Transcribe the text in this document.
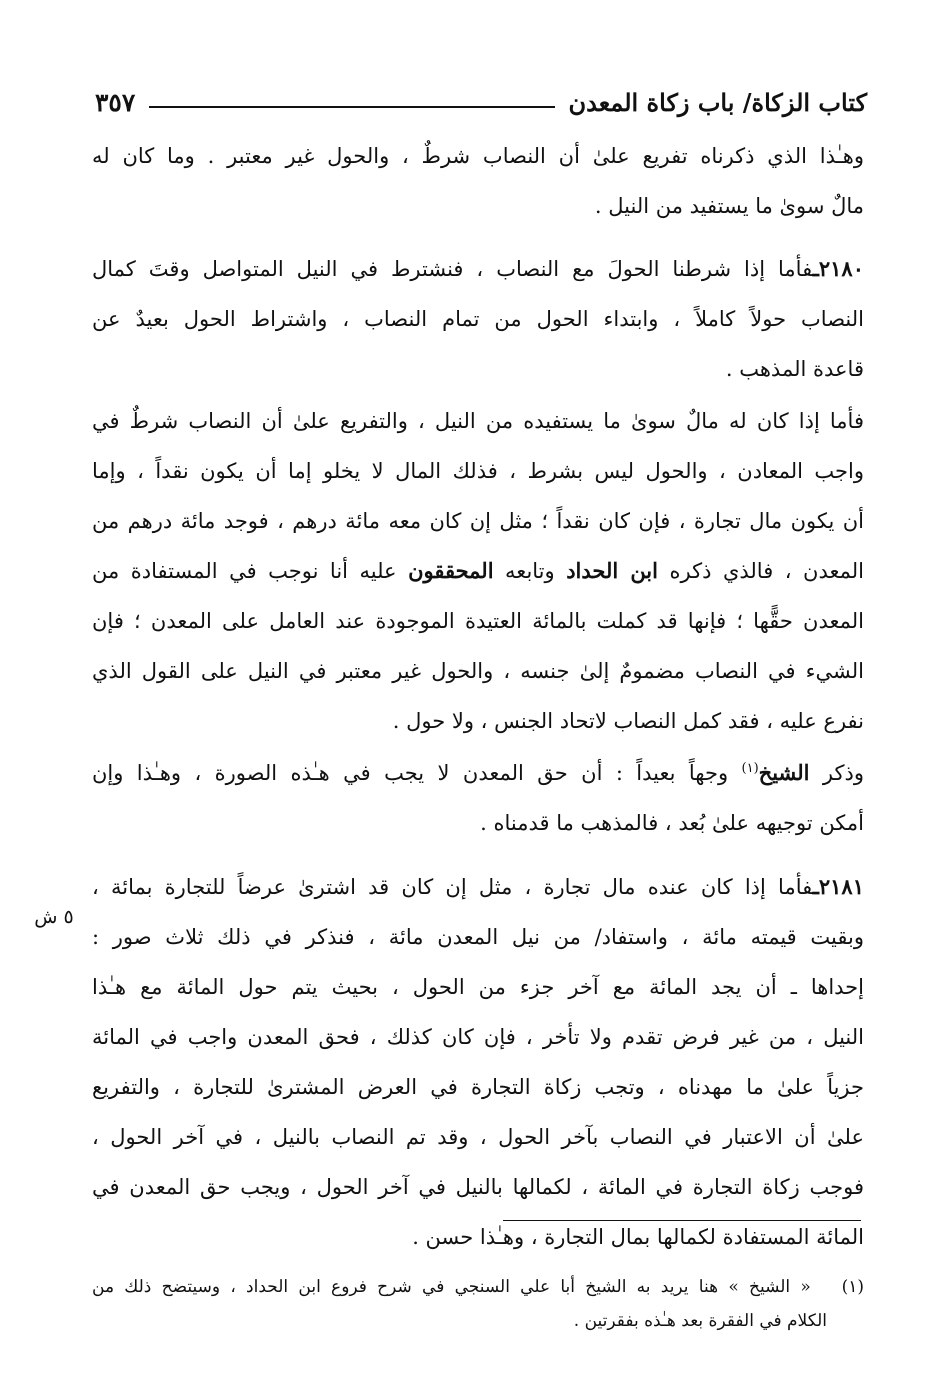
كتاب الزكاة/ باب زكاة المعدن
٣٥٧
وهـٰذا الذي ذكرناه تفريع علىٰ أن النصاب شرطٌ ، والحول غير معتبر . وما كان له
مالٌ سوىٰ ما يستفيد من النيل .
٢١٨٠ـفأما إذا شرطنا الحولَ مع النصاب ، فنشترط في النيل المتواصل وقتَ كمال
النصاب حولاً كاملاً ، وابتداء الحول من تمام النصاب ، واشتراط الحول بعيدٌ عن
قاعدة المذهب .
فأما إذا كان له مالٌ سوىٰ ما يستفيده من النيل ، والتفريع علىٰ أن النصاب شرطٌ في
واجب المعادن ، والحول ليس بشرط ، فذلك المال لا يخلو إما أن يكون نقداً ، وإما
أن يكون مال تجارة ، فإن كان نقداً ؛ مثل إن كان معه مائة درهم ، فوجد مائة درهم من
المعدن ، فالذي ذكره ابن الحداد وتابعه المحققون عليه أنا نوجب في المستفادة من
المعدن حقًّها ؛ فإنها قد كملت بالمائة العتيدة الموجودة عند العامل على المعدن ؛ فإن
الشيء في النصاب مضمومٌ إلىٰ جنسه ، والحول غير معتبر في النيل على القول الذي
نفرع عليه ، فقد كمل النصاب لاتحاد الجنس ، ولا حول .
وذكر الشيخ$^{(١)}$ وجهاً بعيداً : أن حق المعدن لا يجب في هـٰذه الصورة ، وهـٰذا وإن
أمكن توجيهه علىٰ بُعد ، فالمذهب ما قدمناه .
٢١٨١ـفأما إذا كان عنده مال تجارة ، مثل إن كان قد اشترىٰ عرضاً للتجارة بمائة ،
وبقيت قيمته مائة ، واستفاد/ من نيل المعدن مائة ، فنذكر في ذلك ثلاث صور :
إحداها ـ أن يجد المائة مع آخر جزء من الحول ، بحيث يتم حول المائة مع هـٰذا
النيل ، من غير فرض تقدم ولا تأخر ، فإن كان كذلك ، فحق المعدن واجب في المائة
جزياً علىٰ ما مهدناه ، وتجب زكاة التجارة في العرض المشترىٰ للتجارة ، والتفريع
علىٰ أن الاعتبار في النصاب بآخر الحول ، وقد تم النصاب بالنيل ، في آخر الحول ،
فوجب زكاة التجارة في المائة ، لكمالها بالنيل في آخر الحول ، ويجب حق المعدن في
المائة المستفادة لكمالها بمال التجارة ، وهـٰذا حسن .
٥ ش
(١)   « الشيخ » هنا يريد به الشيخ أبا علي السنجي في شرح فروع ابن الحداد ، وسيتضح ذلك من
الكلام في الفقرة بعد هـٰذه بفقرتين .
